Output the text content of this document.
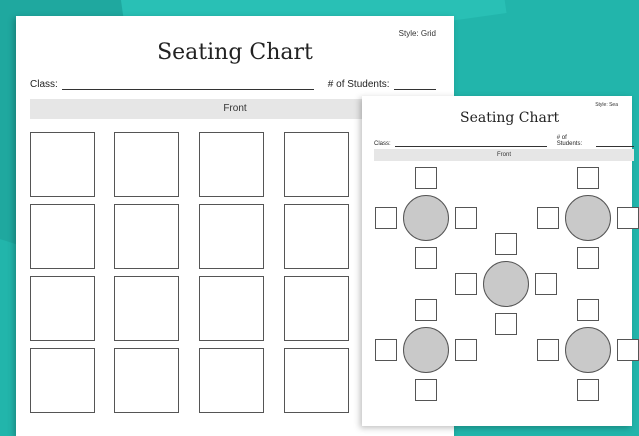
Style: Grid
Seating Chart
Class:	# of Students:
Front	Style: Sea
Seating Chart
Class:
# of Students:
Front
